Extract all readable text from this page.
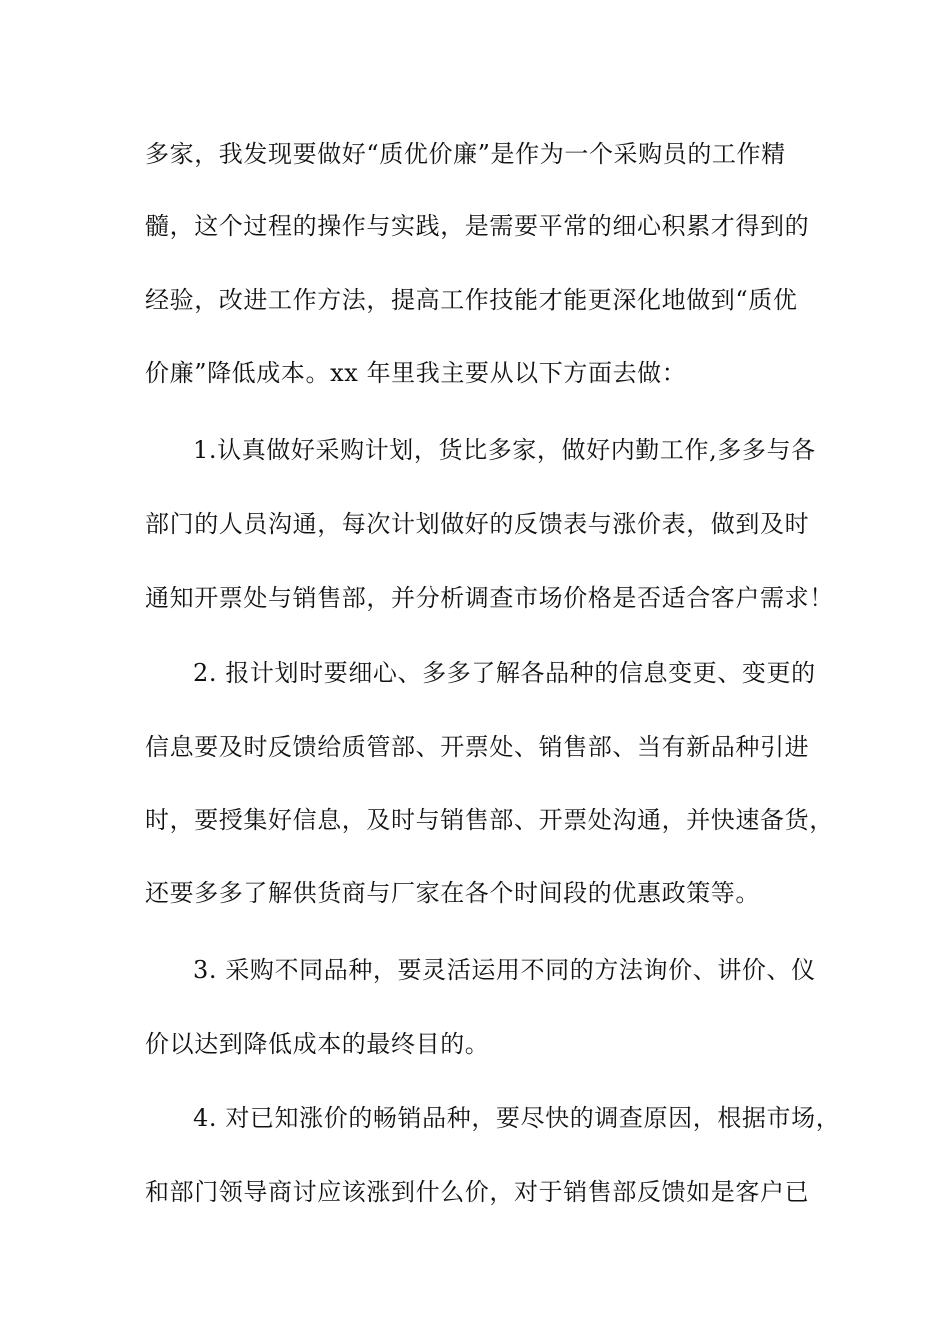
多家，我发现要做好“质优价廉”是作为一个采购员的工作精
髓，这个过程的操作与实践，是需要平常的细心积累才得到的
经验，改进工作方法，提高工作技能才能更深化地做到“质优
价廉”降低成本。xx 年里我主要从以下方面去做：
1.认真做好采购计划，货比多家，做好内勤工作,多多与各
部门的人员沟通，每次计划做好的反馈表与涨价表，做到及时
通知开票处与销售部，并分析调查市场价格是否适合客户需求！
2. 报计划时要细心、多多了解各品种的信息变更、变更的
信息要及时反馈给质管部、开票处、销售部、当有新品种引进
时，要授集好信息，及时与销售部、开票处沟通，并快速备货，
还要多多了解供货商与厂家在各个时间段的优惠政策等。
3. 采购不同品种，要灵活运用不同的方法询价、讲价、仪
价以达到降低成本的最终目的。
4. 对已知涨价的畅销品种，要尽快的调查原因，根据市场，
和部门领导商讨应该涨到什么价，对于销售部反馈如是客户已
